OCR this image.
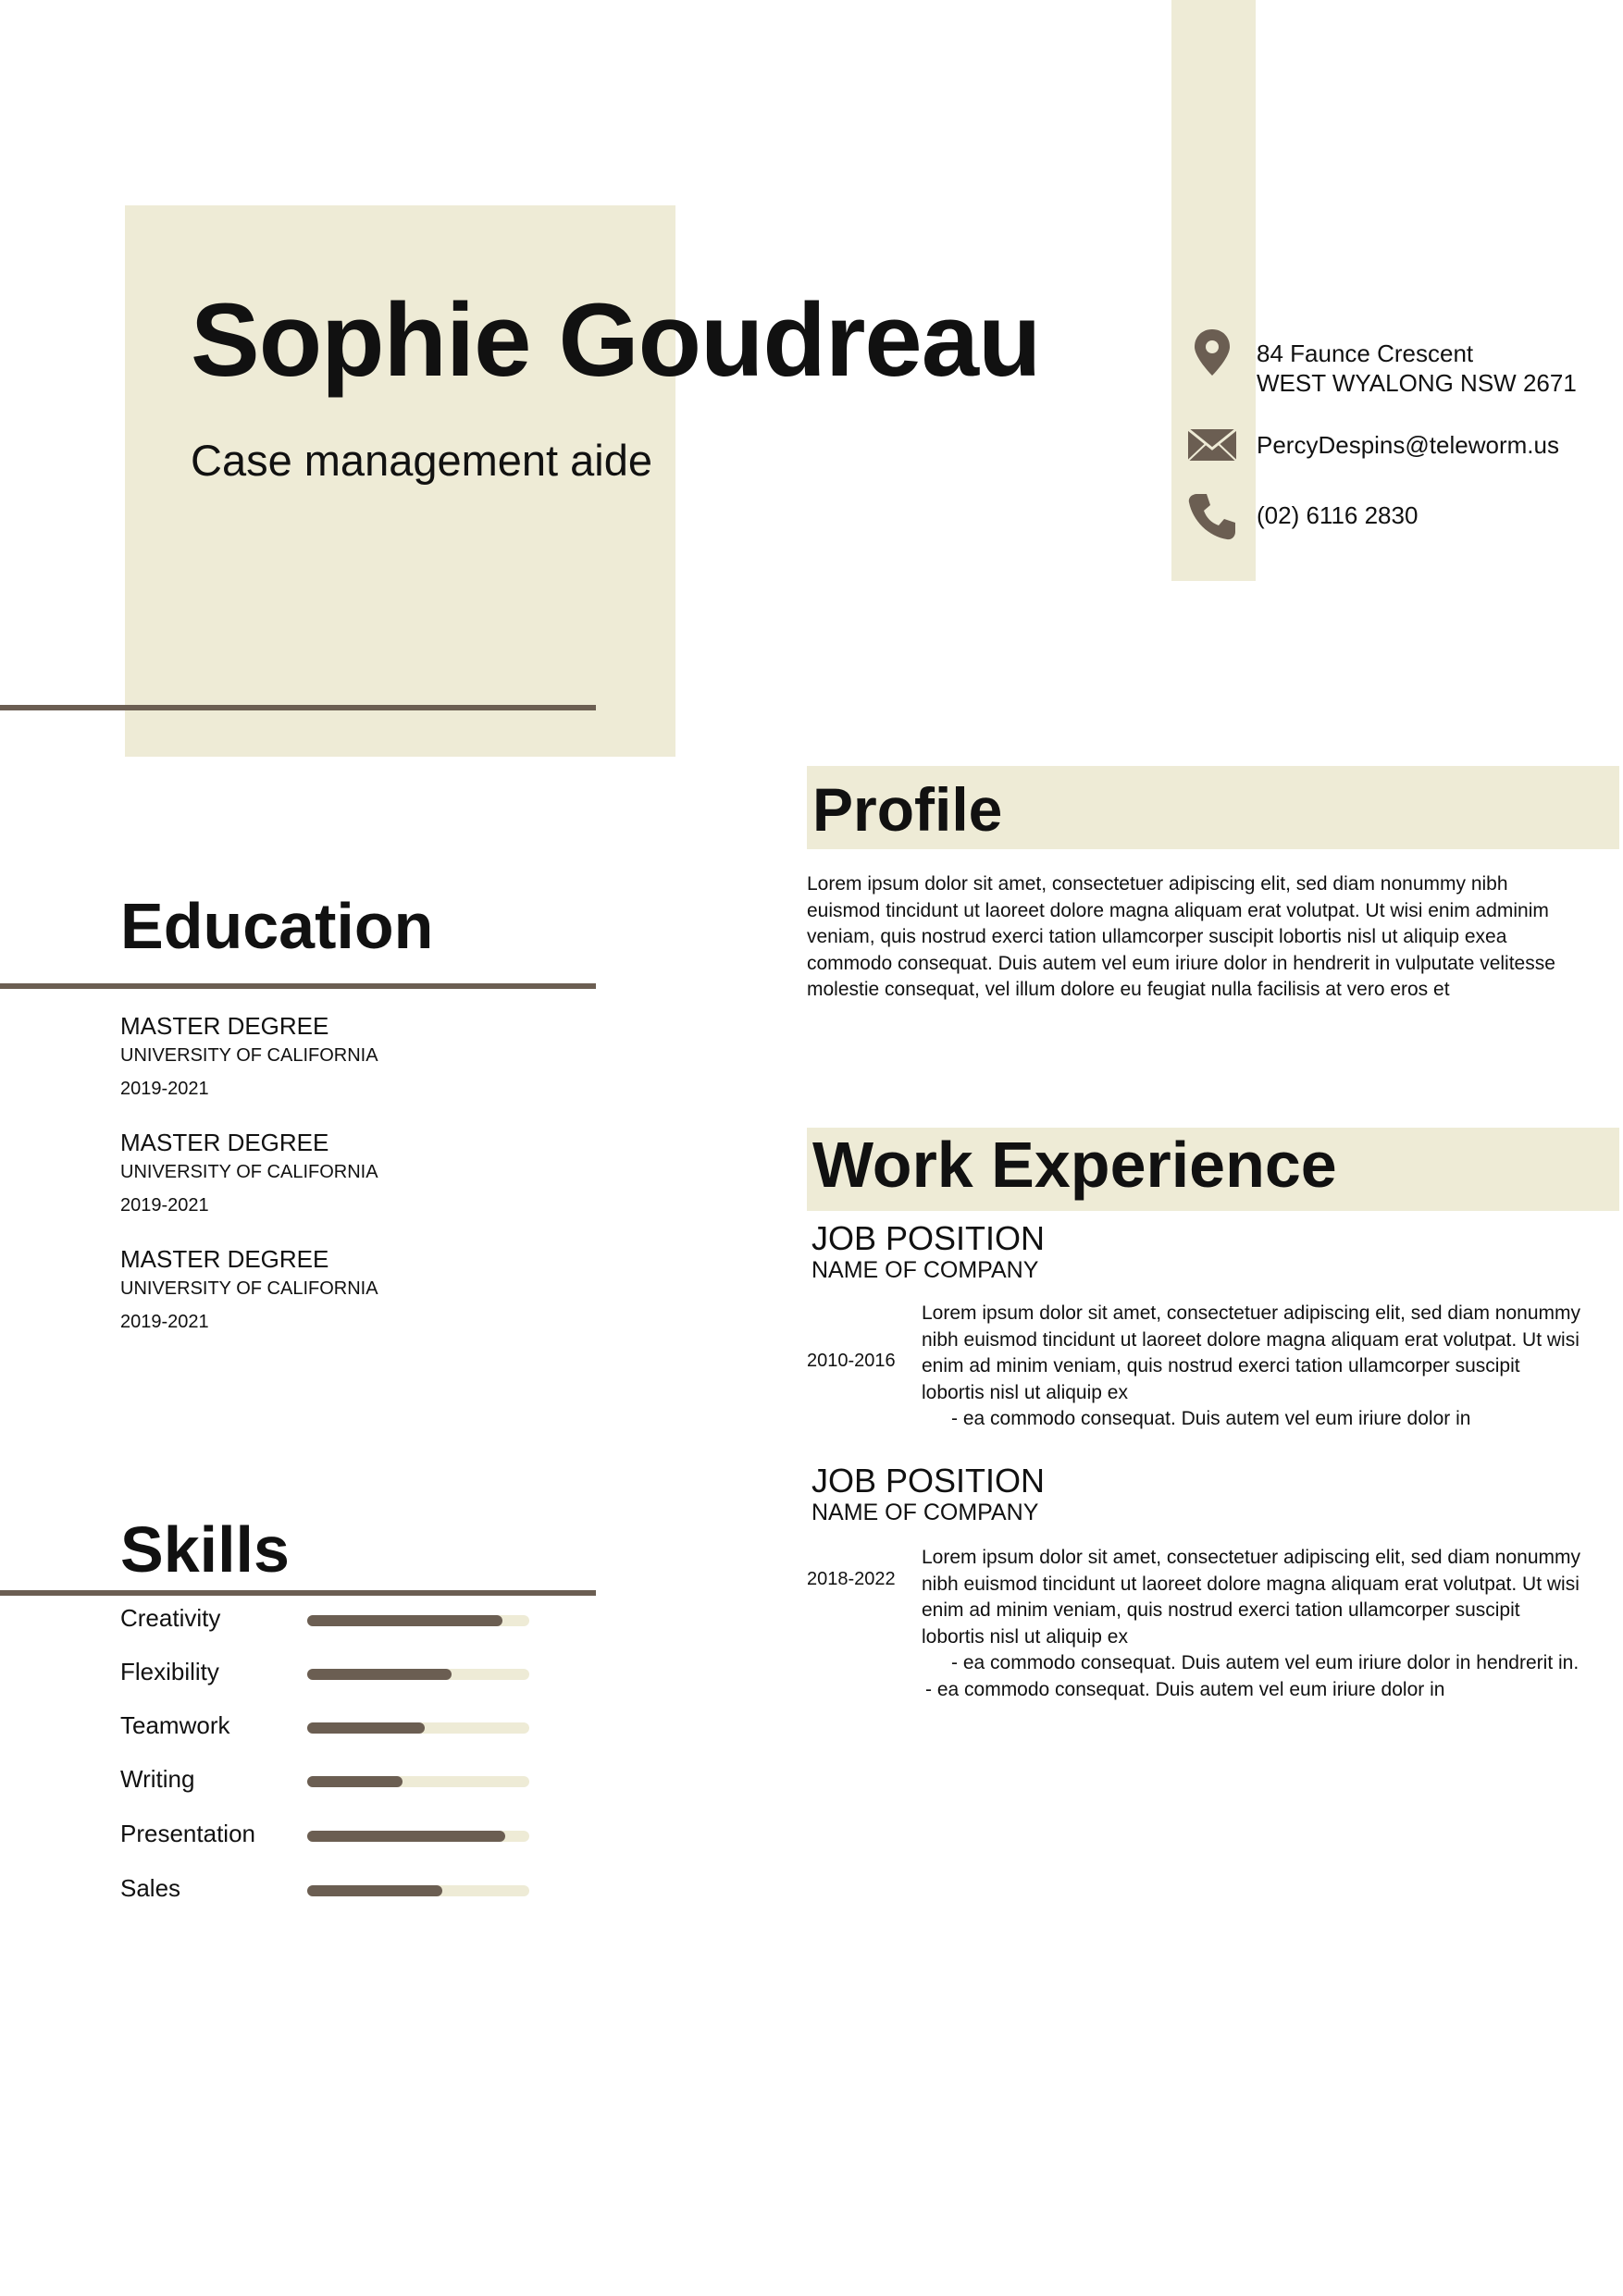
Sophie Goudreau
Case management aide
84 Faunce Crescent
WEST WYALONG NSW 2671
PercyDespins@teleworm.us
(02) 6116 2830
Education
MASTER DEGREE
UNIVERSITY OF CALIFORNIA
2019-2021
MASTER DEGREE
UNIVERSITY OF CALIFORNIA
2019-2021
MASTER DEGREE
UNIVERSITY OF CALIFORNIA
2019-2021
Skills
Creativity
Flexibility
Teamwork
Writing
Presentation
Sales
Profile
Lorem ipsum dolor sit amet, consectetuer adipiscing elit, sed diam nonummy nibh euismod tincidunt ut laoreet dolore magna aliquam erat volutpat. Ut wisi enim adminim veniam, quis nostrud exerci tation ullamcorper suscipit lobortis nisl ut aliquip exea commodo consequat. Duis autem vel eum iriure dolor in hendrerit in vulputate velitesse molestie consequat, vel illum dolore eu feugiat nulla facilisis at vero eros et
Work Experience
JOB POSITION
NAME OF COMPANY
2010-2016

Lorem ipsum dolor sit amet, consectetuer adipiscing elit, sed diam nonummy nibh euismod tincidunt ut laoreet dolore magna aliquam erat volutpat. Ut wisi enim ad minim veniam, quis nostrud exerci tation ullamcorper suscipit lobortis nisl ut aliquip ex

- ea commodo consequat. Duis autem vel eum iriure dolor in

JOB POSITION
NAME OF COMPANY
2018-2022

Lorem ipsum dolor sit amet, consectetuer adipiscing elit, sed diam nonummy nibh euismod tincidunt ut laoreet dolore magna aliquam erat volutpat. Ut wisi enim ad minim veniam, quis nostrud exerci tation ullamcorper suscipit lobortis nisl ut aliquip ex

- ea commodo consequat. Duis autem vel eum iriure dolor in hendrerit in.

- ea commodo consequat. Duis autem vel eum iriure dolor in
